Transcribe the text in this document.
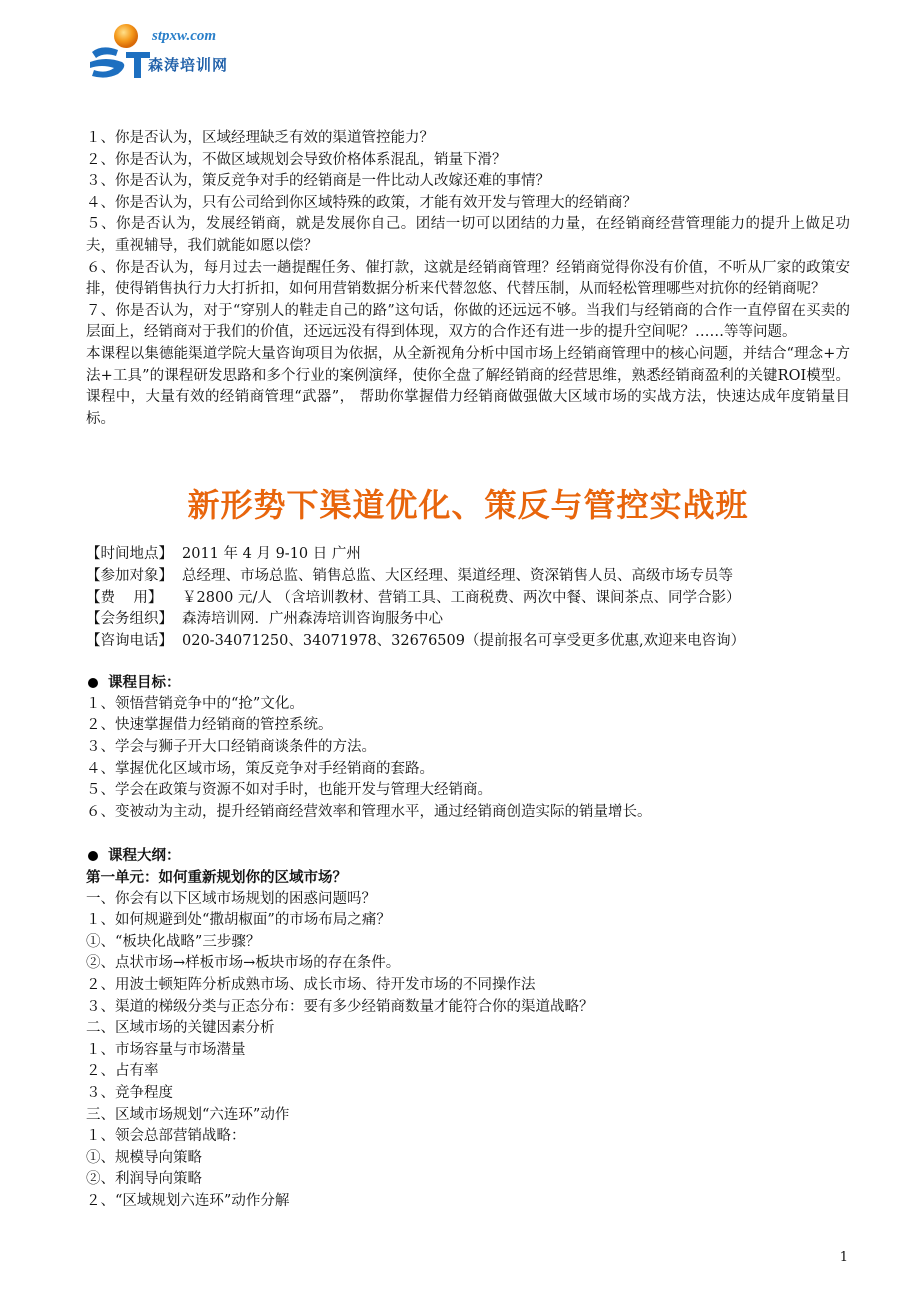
stpxw.com
森涛培训网

１、你是否认为，区域经理缺乏有效的渠道管控能力？

２、你是否认为，不做区域规划会导致价格体系混乱，销量下滑？

３、你是否认为，策反竞争对手的经销商是一件比动人改嫁还难的事情？

４、你是否认为，只有公司给到你区域特殊的政策，才能有效开发与管理大的经销商？

５、你是否认为，发展经销商，就是发展你自己。团结一切可以团结的力量，在经销商经营管理能力的提升上做足功夫，重视辅导，我们就能如愿以偿？

６、你是否认为，每月过去一趟提醒任务、催打款，这就是经销商管理？经销商觉得你没有价值，不听从厂家的政策安排，使得销售执行力大打折扣，如何用营销数据分析来代替忽悠、代替压制，从而轻松管理哪些对抗你的经销商呢？

７、你是否认为，对于“穿别人的鞋走自己的路”这句话，你做的还远远不够。当我们与经销商的合作一直停留在买卖的层面上，经销商对于我们的价值，还远远没有得到体现，双方的合作还有进一步的提升空间呢？……等等问题。

本课程以集德能渠道学院大量咨询项目为依据，从全新视角分析中国市场上经销商管理中的核心问题，并结合“理念+方法+工具”的课程研发思路和多个行业的案例演绎，使你全盘了解经销商的经营思维，熟悉经销商盈利的关键ROI模型。课程中，大量有效的经销商管理“武器”， 帮助你掌握借力经销商做强做大区域市场的实战方法，快速达成年度销量目标。

新形势下渠道优化、策反与管控实战班

【时间地点】 2011 年 4 月 9-10 日 广州

【参加对象】 总经理、市场总监、销售总监、大区经理、渠道经理、资深销售人员、高级市场专员等

【费    用】 ￥2800 元/人 （含培训教材、营销工具、工商税费、两次中餐、课间茶点、同学合影）

【会务组织】 森涛培训网．广州森涛培训咨询服务中心

【咨询电话】 020-34071250、34071978、32676509（提前报名可享受更多优惠,欢迎来电咨询）

课程目标：

１、领悟营销竞争中的“抢”文化。

２、快速掌握借力经销商的管控系统。

３、学会与狮子开大口经销商谈条件的方法。

４、掌握优化区域市场，策反竞争对手经销商的套路。

５、学会在政策与资源不如对手时，也能开发与管理大经销商。

６、变被动为主动，提升经销商经营效率和管理水平，通过经销商创造实际的销量增长。

课程大纲：

第一单元：如何重新规划你的区域市场？

一、你会有以下区域市场规划的困惑问题吗？

１、如何规避到处“撒胡椒面”的市场布局之痛？

①、“板块化战略”三步骤？

②、点状市场→样板市场→板块市场的存在条件。

２、用波士顿矩阵分析成熟市场、成长市场、待开发市场的不同操作法

３、渠道的梯级分类与正态分布：要有多少经销商数量才能符合你的渠道战略？

二、区域市场的关键因素分析

１、市场容量与市场潜量

２、占有率

３、竞争程度

三、区域市场规划“六连环”动作

１、领会总部营销战略：

①、规模导向策略

②、利润导向策略

２、“区域规划六连环”动作分解

1
